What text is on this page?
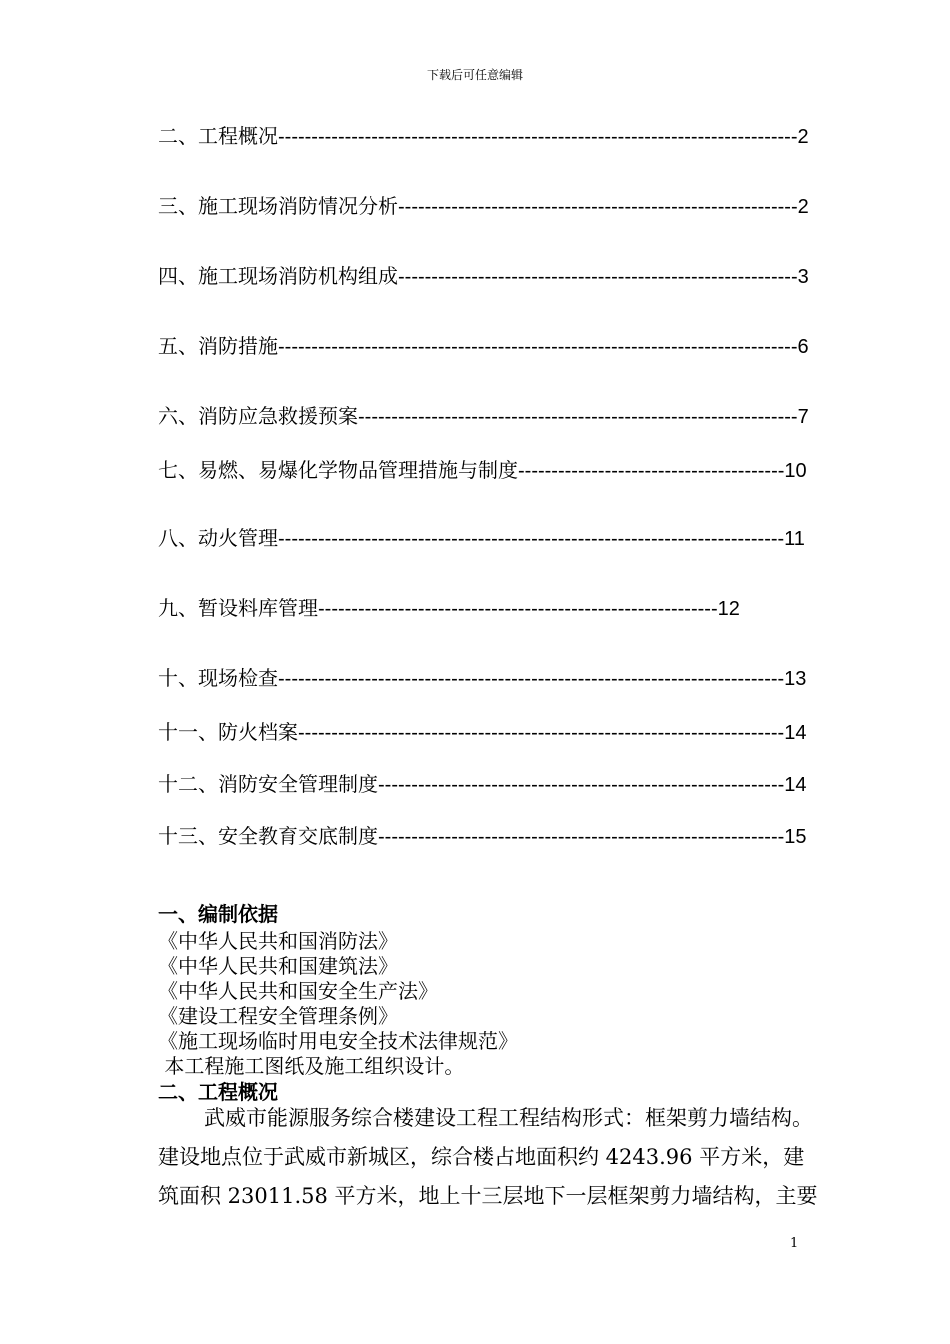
下载后可任意编辑
二、工程概况------------------------------------------------------------------------------2
三、施工现场消防情况分析------------------------------------------------------------2
四、施工现场消防机构组成------------------------------------------------------------3
五、消防措施------------------------------------------------------------------------------6
六、消防应急救援预案------------------------------------------------------------------7
七、易燃、易爆化学物品管理措施与制度----------------------------------------10
八、动火管理----------------------------------------------------------------------------11
九、暂设料库管理------------------------------------------------------------12
十、现场检查----------------------------------------------------------------------------13
十一、防火档案-------------------------------------------------------------------------14
十二、消防安全管理制度-------------------------------------------------------------14
十三、安全教育交底制度-------------------------------------------------------------15
一、编制依据
《中华人民共和国消防法》
《中华人民共和国建筑法》
《中华人民共和国安全生产法》
《建设工程安全管理条例》
《施工现场临时用电安全技术法律规范》
本工程施工图纸及施工组织设计。
二、工程概况
武威市能源服务综合楼建设工程工程结构形式：框架剪力墙结构。
建设地点位于武威市新城区，综合楼占地面积约 4243.96 平方米，建
筑面积 23011.58 平方米，地上十三层地下一层框架剪力墙结构，主要
1
